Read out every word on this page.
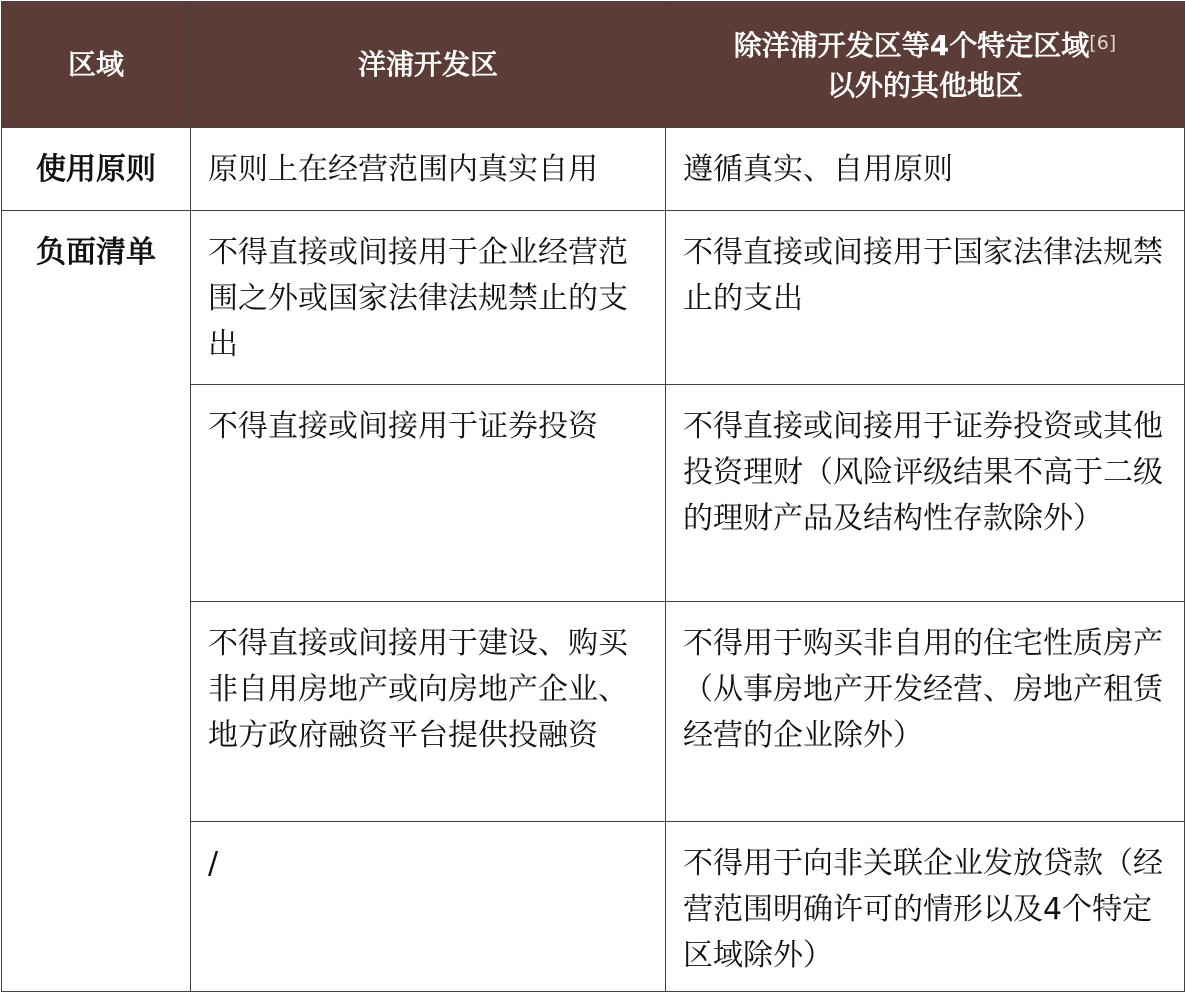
区域	洋浦开发区	除洋浦开发区等4个特定区域[6]
以外的其他地区
使用原则	原则上在经营范围内真实自用	遵循真实、自用原则
负面清单	不得直接或间接用于企业经营范围之外或国家法律法规禁止的支出	不得直接或间接用于国家法律法规禁止的支出
	不得直接或间接用于证券投资	不得直接或间接用于证券投资或其他投资理财（风险评级结果不高于二级的理财产品及结构性存款除外）
	不得直接或间接用于建设、购买非自用房地产或向房地产企业、地方政府融资平台提供投融资	不得用于购买非自用的住宅性质房产（从事房地产开发经营、房地产租赁经营的企业除外）
	/	不得用于向非关联企业发放贷款（经营范围明确许可的情形以及4个特定区域除外）
